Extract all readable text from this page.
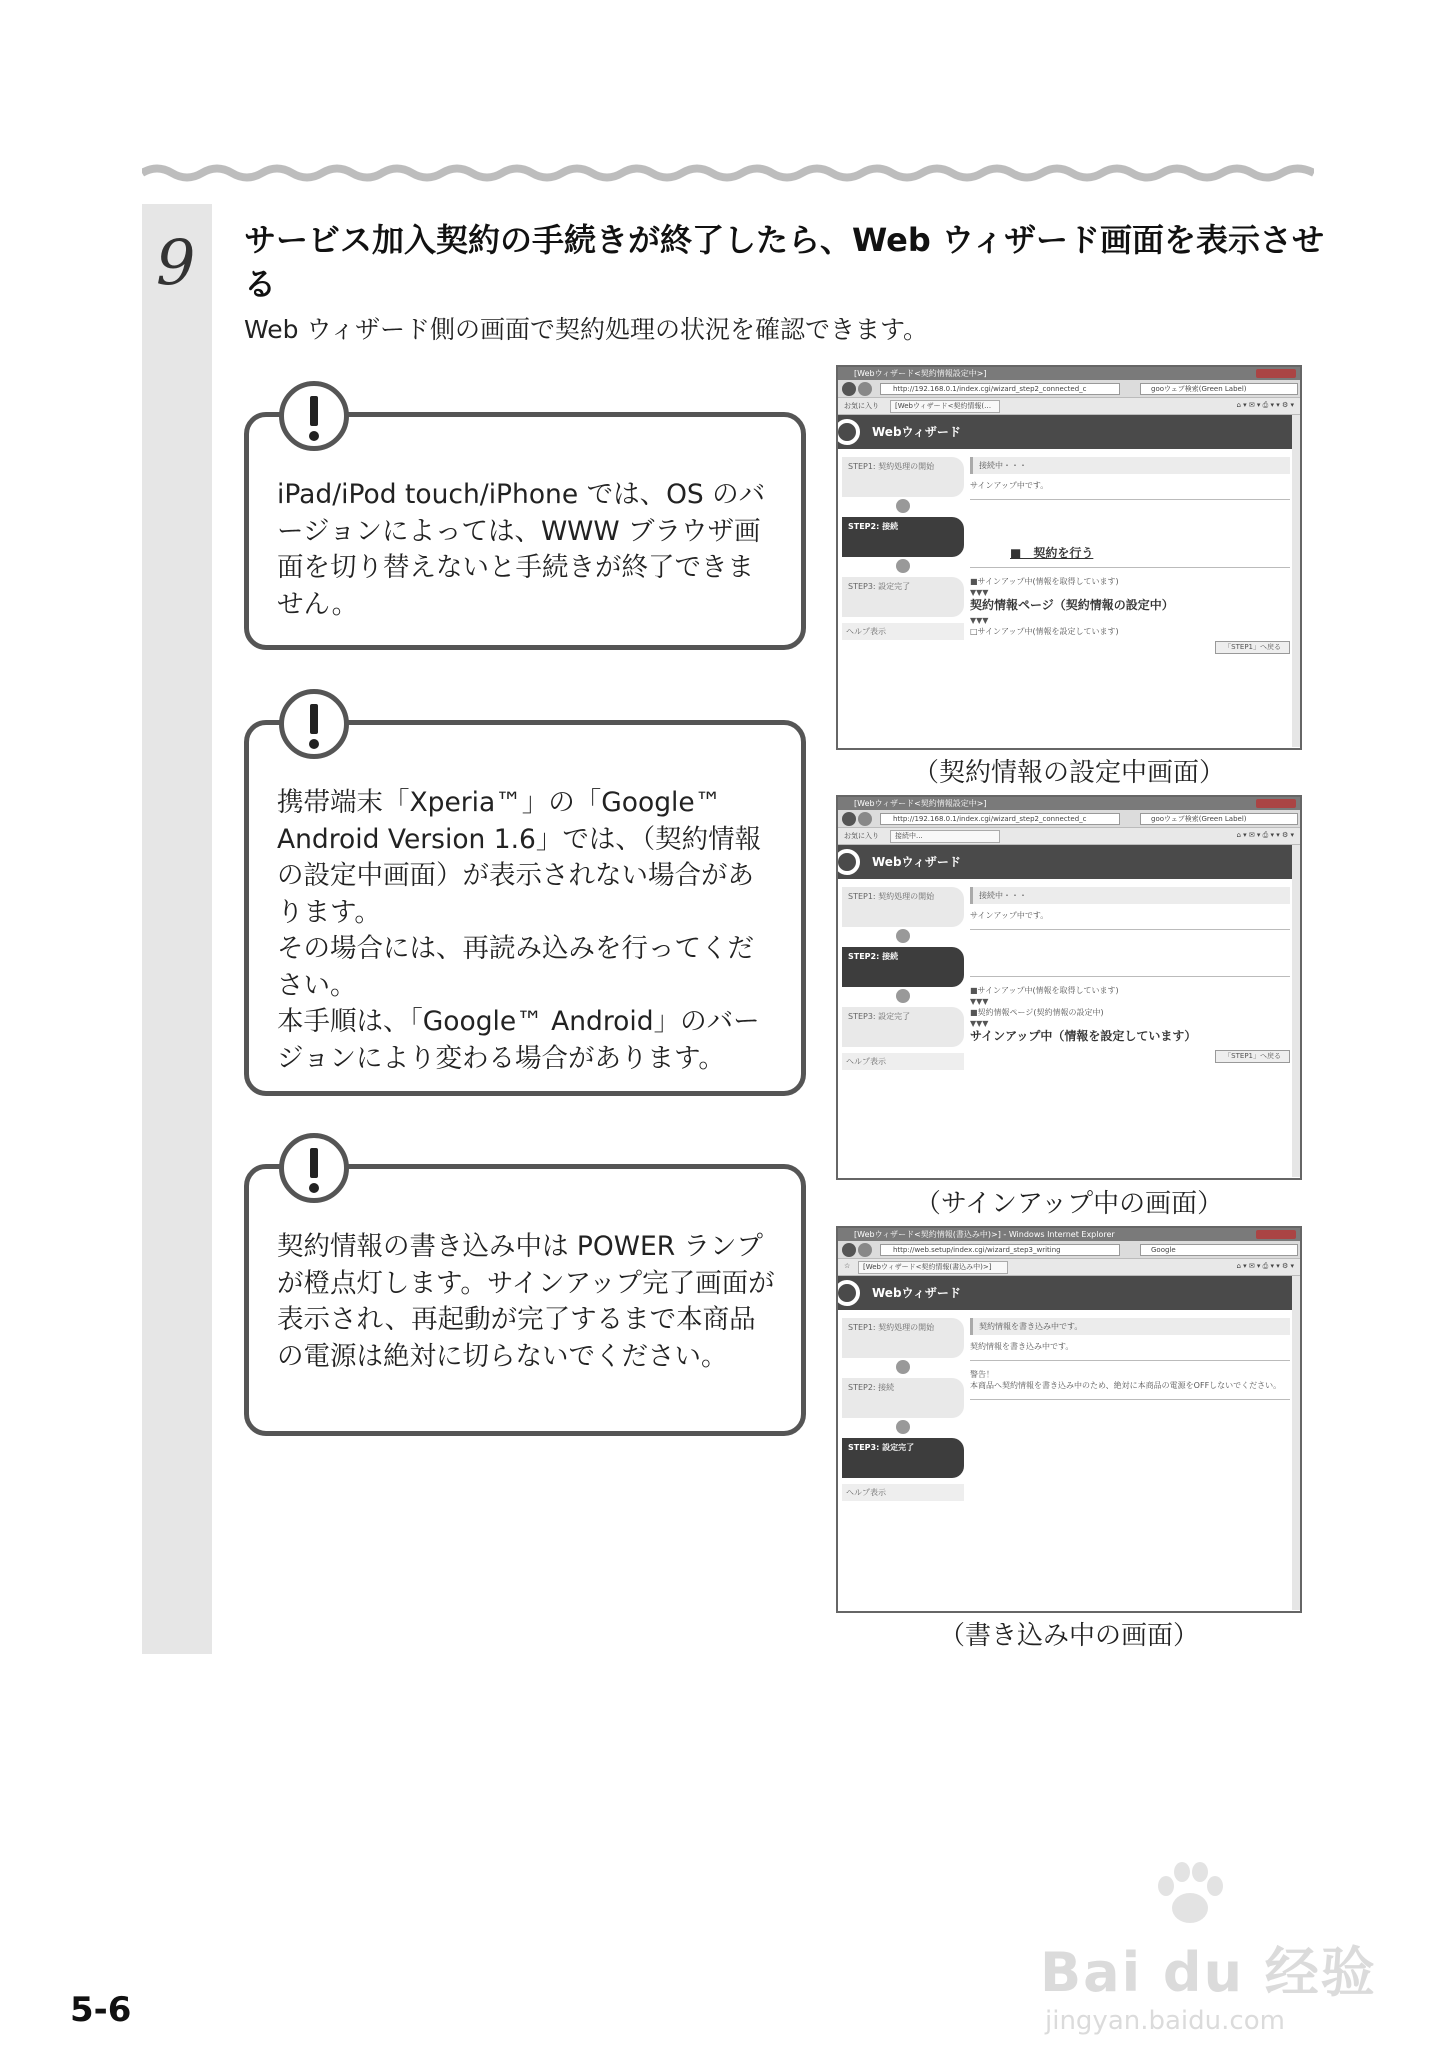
9 サービス加入契約の手続きが終了したら、Web ウィザード画面を表示させる
Web ウィザード側の画面で契約処理の状況を確認できます。
iPad/iPod touch/iPhone では、OS のバージョンによっては、WWW ブラウザ画面を切り替えないと手続きが終了できません。
携帯端末「Xperia™」の「Google™ Android Version 1.6」では、（契約情報の設定中画面）が表示されない場合があります。
その場合には、再読み込みを行ってください。
本手順は、「Google™ Android」のバージョンにより変わる場合があります。
契約情報の書き込み中は POWER ランプが橙点灯します。サインアップ完了画面が表示され、再起動が完了するまで本商品の電源は絶対に切らないでください。
[Webウィザード<契約情報設定中>]
http://192.168.0.1/index.cgi/wizard_step2_connected_c	gooウェブ検索(Green Label)
お気に入り	[Webウィザード<契約情報(…	⌂ ▾ ✉ ▾ ⎙ ▾ ▾ ⚙ ▾
Webウィザード
STEP1: 契約処理の開始
STEP2: 接続
STEP3: 設定完了
ヘルプ表示
接続中・・・
サインアップ中です。
■　契約を行う
■サインアップ中(情報を取得しています)
▼▼▼
契約情報ページ（契約情報の設定中）
▼▼▼
□サインアップ中(情報を設定しています)
「STEP1」へ戻る
（契約情報の設定中画面）
[Webウィザード<契約情報設定中>]
http://192.168.0.1/index.cgi/wizard_step2_connected_c	gooウェブ検索(Green Label)
お気に入り	接続中...	⌂ ▾ ✉ ▾ ⎙ ▾ ▾ ⚙ ▾
Webウィザード
STEP1: 契約処理の開始
STEP2: 接続
STEP3: 設定完了
ヘルプ表示
接続中・・・
サインアップ中です。
■サインアップ中(情報を取得しています)
▼▼▼
■契約情報ページ(契約情報の設定中)
▼▼▼
サインアップ中（情報を設定しています）
「STEP1」へ戻る
（サインアップ中の画面）
[Webウィザード<契約情報(書込み中)>] - Windows Internet Explorer
http://web.setup/index.cgi/wizard_step3_writing	Google
☆	[Webウィザード<契約情報(書込み中)>]	⌂ ▾ ✉ ▾ ⎙ ▾ ▾ ⚙ ▾
Webウィザード
STEP1: 契約処理の開始
STEP2: 接続
STEP3: 設定完了
ヘルプ表示
契約情報を書き込み中です。
契約情報を書き込み中です。
警告！
本商品へ契約情報を書き込み中のため、絶対に本商品の電源をOFFしないでください。
（書き込み中の画面）
Bai du 经验
jingyan.baidu.com
5-6
